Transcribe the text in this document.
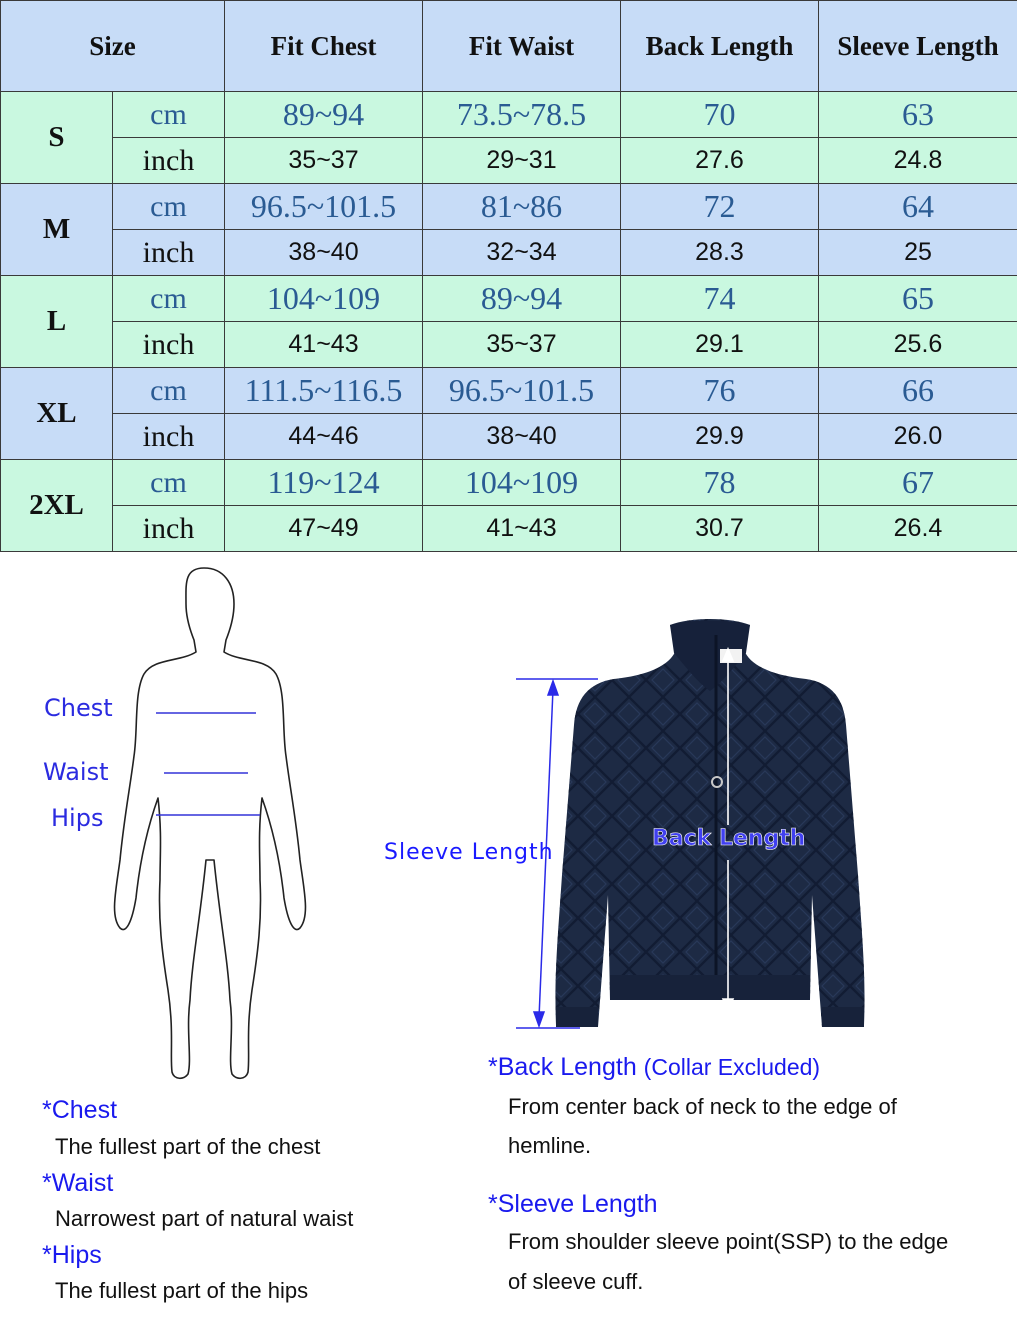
Size		Fit Chest	Fit Waist	Back Length	Sleeve Length
S	cm	89~94	73.5~78.5	70	63
	inch	35~37	29~31	27.6	24.8
M	cm	96.5~101.5	81~86	72	64
	inch	38~40	32~34	28.3	25
L	cm	104~109	89~94	74	65
	inch	41~43	35~37	29.1	25.6
XL	cm	111.5~116.5	96.5~101.5	76	66
	inch	44~46	38~40	29.9	26.0
2XL	cm	119~124	104~109	78	67
	inch	47~49	41~43	30.7	26.4
Chest
Waist
Hips
Sleeve Length
Back Length
*Chest
The fullest part of the chest
*Waist
Narrowest part of natural waist
*Hips
The fullest part of the hips
*Back Length (Collar Excluded)
From center back of neck to the edge of
hemline.
*Sleeve Length
From shoulder sleeve point(SSP) to the edge
of sleeve cuff.
